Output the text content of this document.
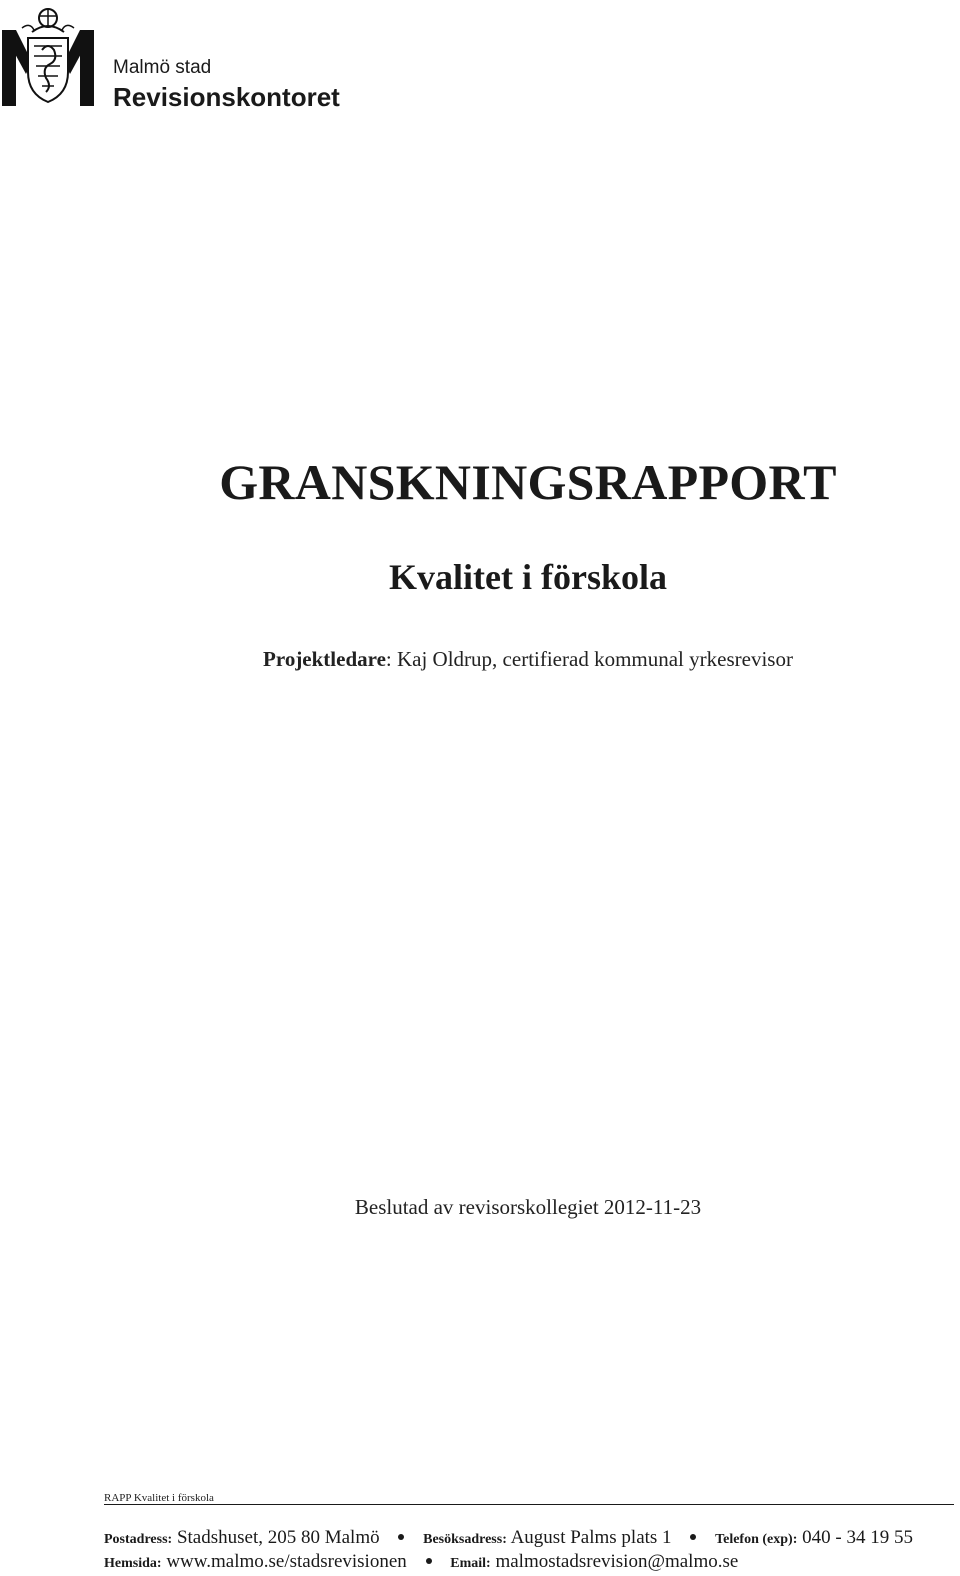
Malmö stad
Revisionskontoret
GRANSKNINGSRAPPORT
Kvalitet i förskola
Projektledare: Kaj Oldrup, certifierad kommunal yrkesrevisor
Beslutad av revisorskollegiet 2012-11-23
RAPP Kvalitet i förskola
Postadress: Stadshuset, 205 80 Malmö	Besöksadress: August Palms plats 1	Telefon (exp): 040 - 34 19 55
Hemsida: www.malmo.se/stadsrevisionen	Email: malmostadsrevision@malmo.se
